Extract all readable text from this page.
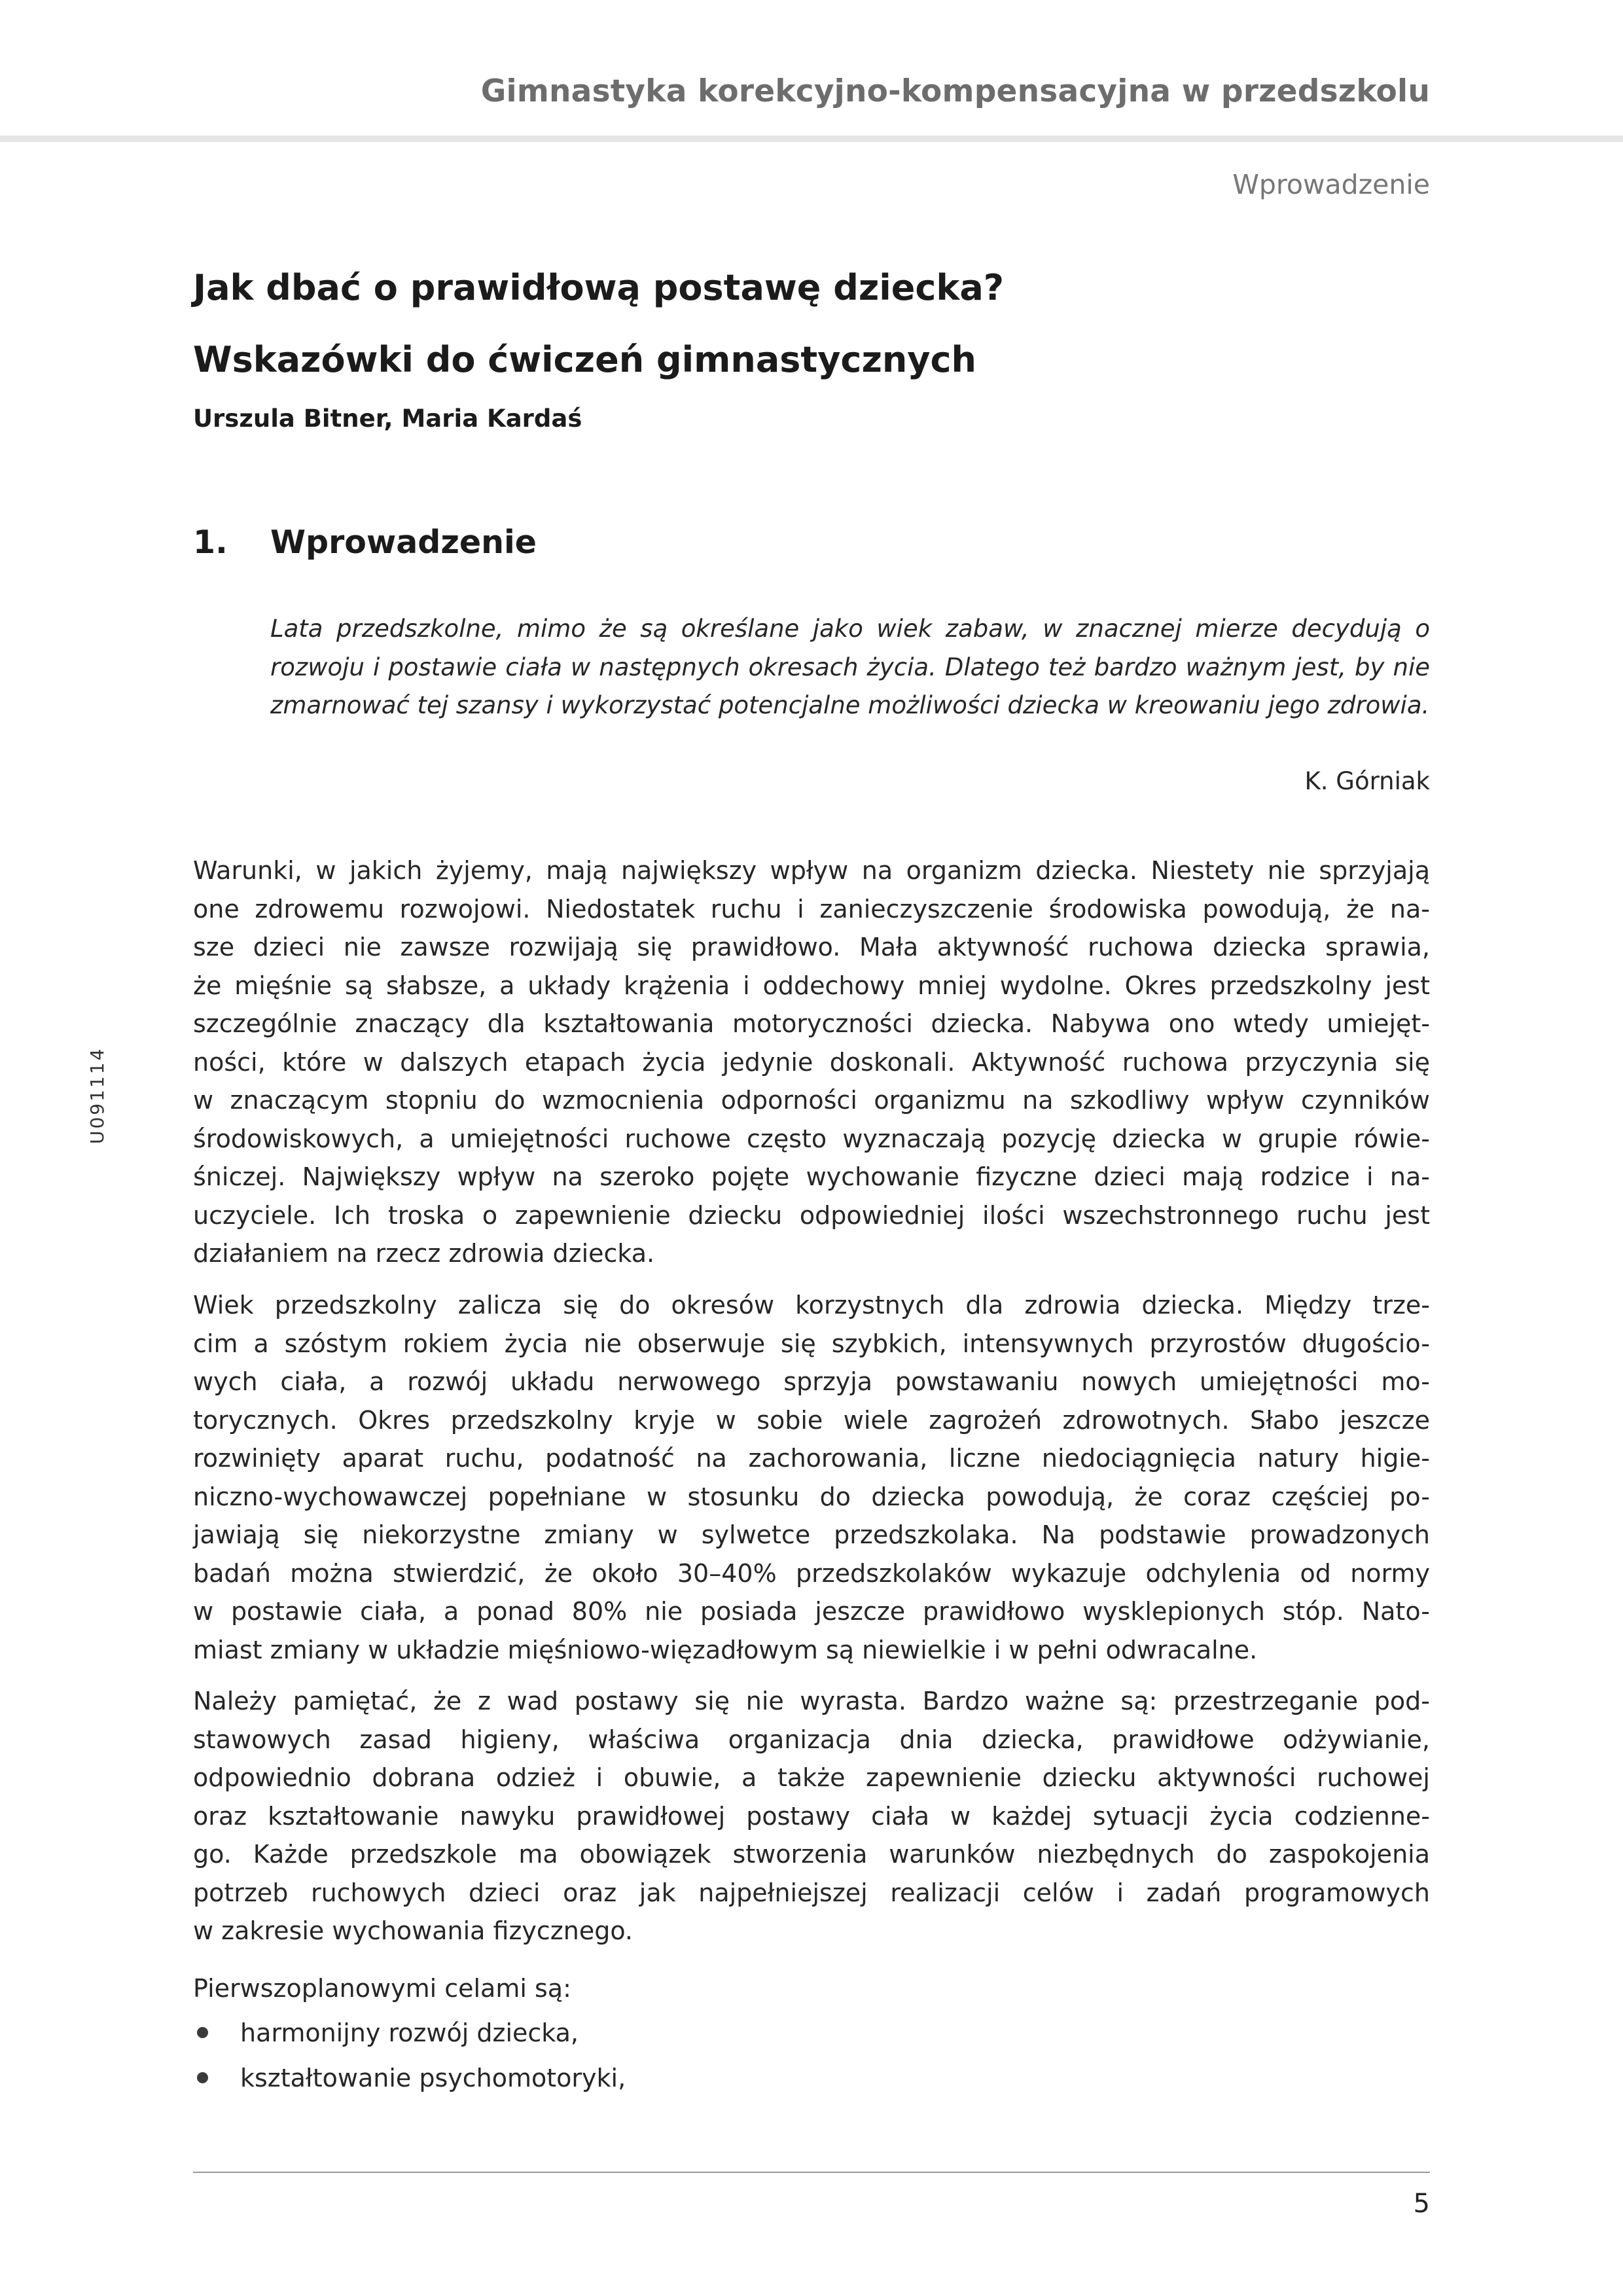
Gimnastyka korekcyjno-kompensacyjna w przedszkolu
Wprowadzenie
Jak dbać o prawidłową postawę dziecka?
Wskazówki do ćwiczeń gimnastycznych
Urszula Bitner, Maria Kardaś
1. Wprowadzenie
Lata przedszkolne, mimo że są określane jako wiek zabaw, w znacznej mierze decydują o rozwoju i postawie ciała w następnych okresach życia. Dlatego też bardzo ważnym jest, by nie zmarnować tej szansy i wykorzystać potencjalne możliwości dziecka w kreowaniu jego zdrowia.
K. Górniak
Warunki, w jakich żyjemy, mają największy wpływ na organizm dziecka. Niestety nie sprzyjają
one zdrowemu rozwojowi. Niedostatek ruchu i zanieczyszczenie środowiska powodują, że na-
sze dzieci nie zawsze rozwijają się prawidłowo. Mała aktywność ruchowa dziecka sprawia,
że mięśnie są słabsze, a układy krążenia i oddechowy mniej wydolne. Okres przedszkolny jest
szczególnie znaczący dla kształtowania motoryczności dziecka. Nabywa ono wtedy umiejęt-
ności, które w dalszych etapach życia jedynie doskonali. Aktywność ruchowa przyczynia się
w znaczącym stopniu do wzmocnienia odporności organizmu na szkodliwy wpływ czynników
środowiskowych, a umiejętności ruchowe często wyznaczają pozycję dziecka w grupie rówie-
śniczej. Największy wpływ na szeroko pojęte wychowanie fizyczne dzieci mają rodzice i na-
uczyciele. Ich troska o zapewnienie dziecku odpowiedniej ilości wszechstronnego ruchu jest
działaniem na rzecz zdrowia dziecka.
Wiek przedszkolny zalicza się do okresów korzystnych dla zdrowia dziecka. Między trze-
cim a szóstym rokiem życia nie obserwuje się szybkich, intensywnych przyrostów długościo-
wych ciała, a rozwój układu nerwowego sprzyja powstawaniu nowych umiejętności mo-
torycznych. Okres przedszkolny kryje w sobie wiele zagrożeń zdrowotnych. Słabo jeszcze
rozwinięty aparat ruchu, podatność na zachorowania, liczne niedociągnięcia natury higie-
niczno-wychowawczej popełniane w stosunku do dziecka powodują, że coraz częściej po-
jawiają się niekorzystne zmiany w sylwetce przedszkolaka. Na podstawie prowadzonych
badań można stwierdzić, że około 30–40% przedszkolaków wykazuje odchylenia od normy
w postawie ciała, a ponad 80% nie posiada jeszcze prawidłowo wysklepionych stóp. Nato-
miast zmiany w układzie mięśniowo-więzadłowym są niewielkie i w pełni odwracalne.
Należy pamiętać, że z wad postawy się nie wyrasta. Bardzo ważne są: przestrzeganie pod-
stawowych zasad higieny, właściwa organizacja dnia dziecka, prawidłowe odżywianie,
odpowiednio dobrana odzież i obuwie, a także zapewnienie dziecku aktywności ruchowej
oraz kształtowanie nawyku prawidłowej postawy ciała w każdej sytuacji życia codzienne-
go. Każde przedszkole ma obowiązek stworzenia warunków niezbędnych do zaspokojenia
potrzeb ruchowych dzieci oraz jak najpełniejszej realizacji celów i zadań programowych
w zakresie wychowania fizycznego.
Pierwszoplanowymi celami są:
harmonijny rozwój dziecka,
kształtowanie psychomotoryki,
U091114
5
